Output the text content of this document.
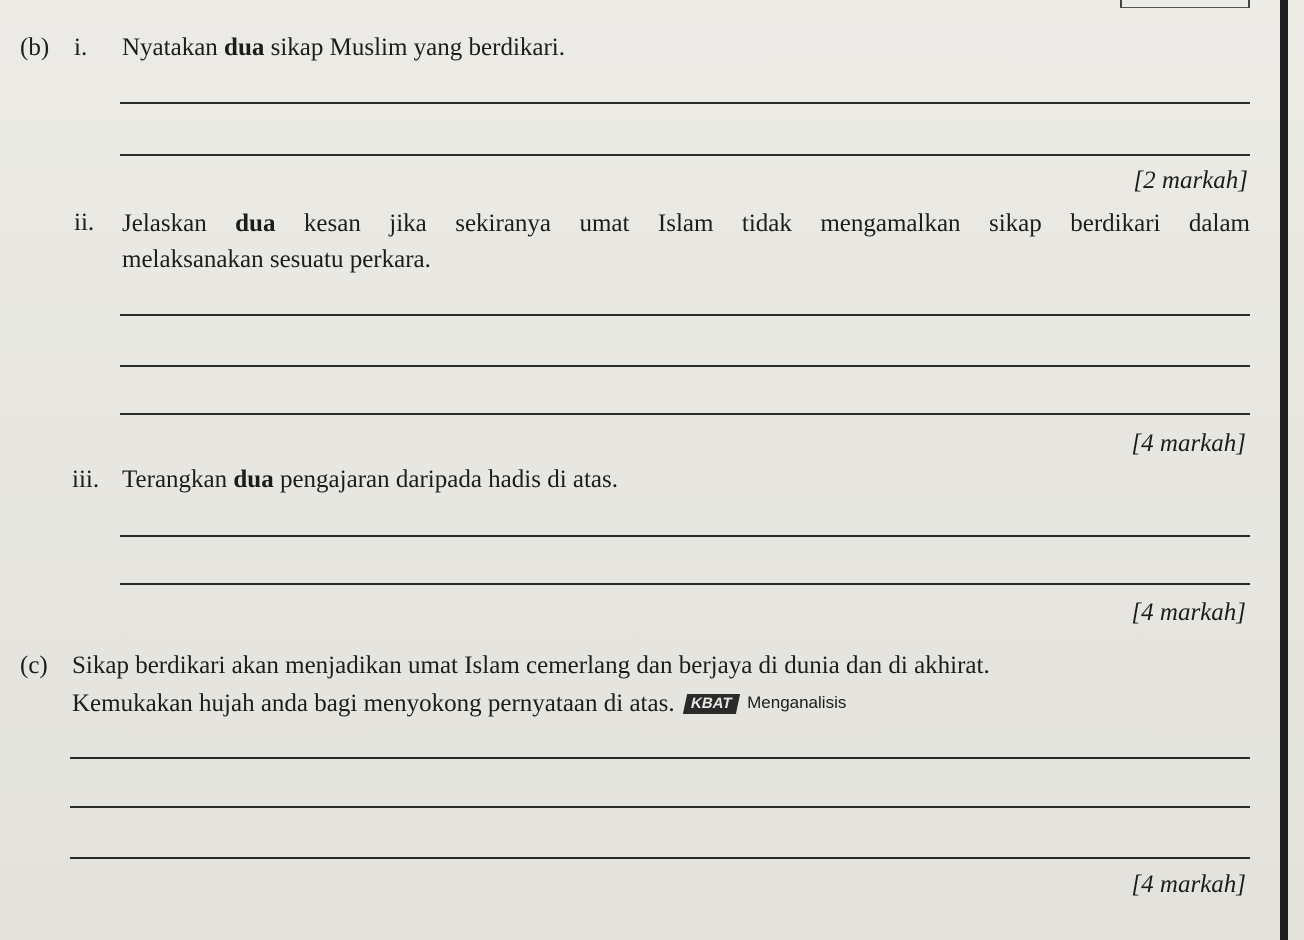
(b) i. Nyatakan dua sikap Muslim yang berdikari.
[2 markah]
ii. Jelaskan dua kesan jika sekiranya umat Islam tidak mengamalkan sikap berdikari dalam
melaksanakan sesuatu perkara.
[4 markah]
iii. Terangkan dua pengajaran daripada hadis di atas.
[4 markah]
(c) Sikap berdikari akan menjadikan umat Islam cemerlang dan berjaya di dunia dan di akhirat.
Kemukakan hujah anda bagi menyokong pernyataan di atas. KBAT Menganalisis
[4 markah]
